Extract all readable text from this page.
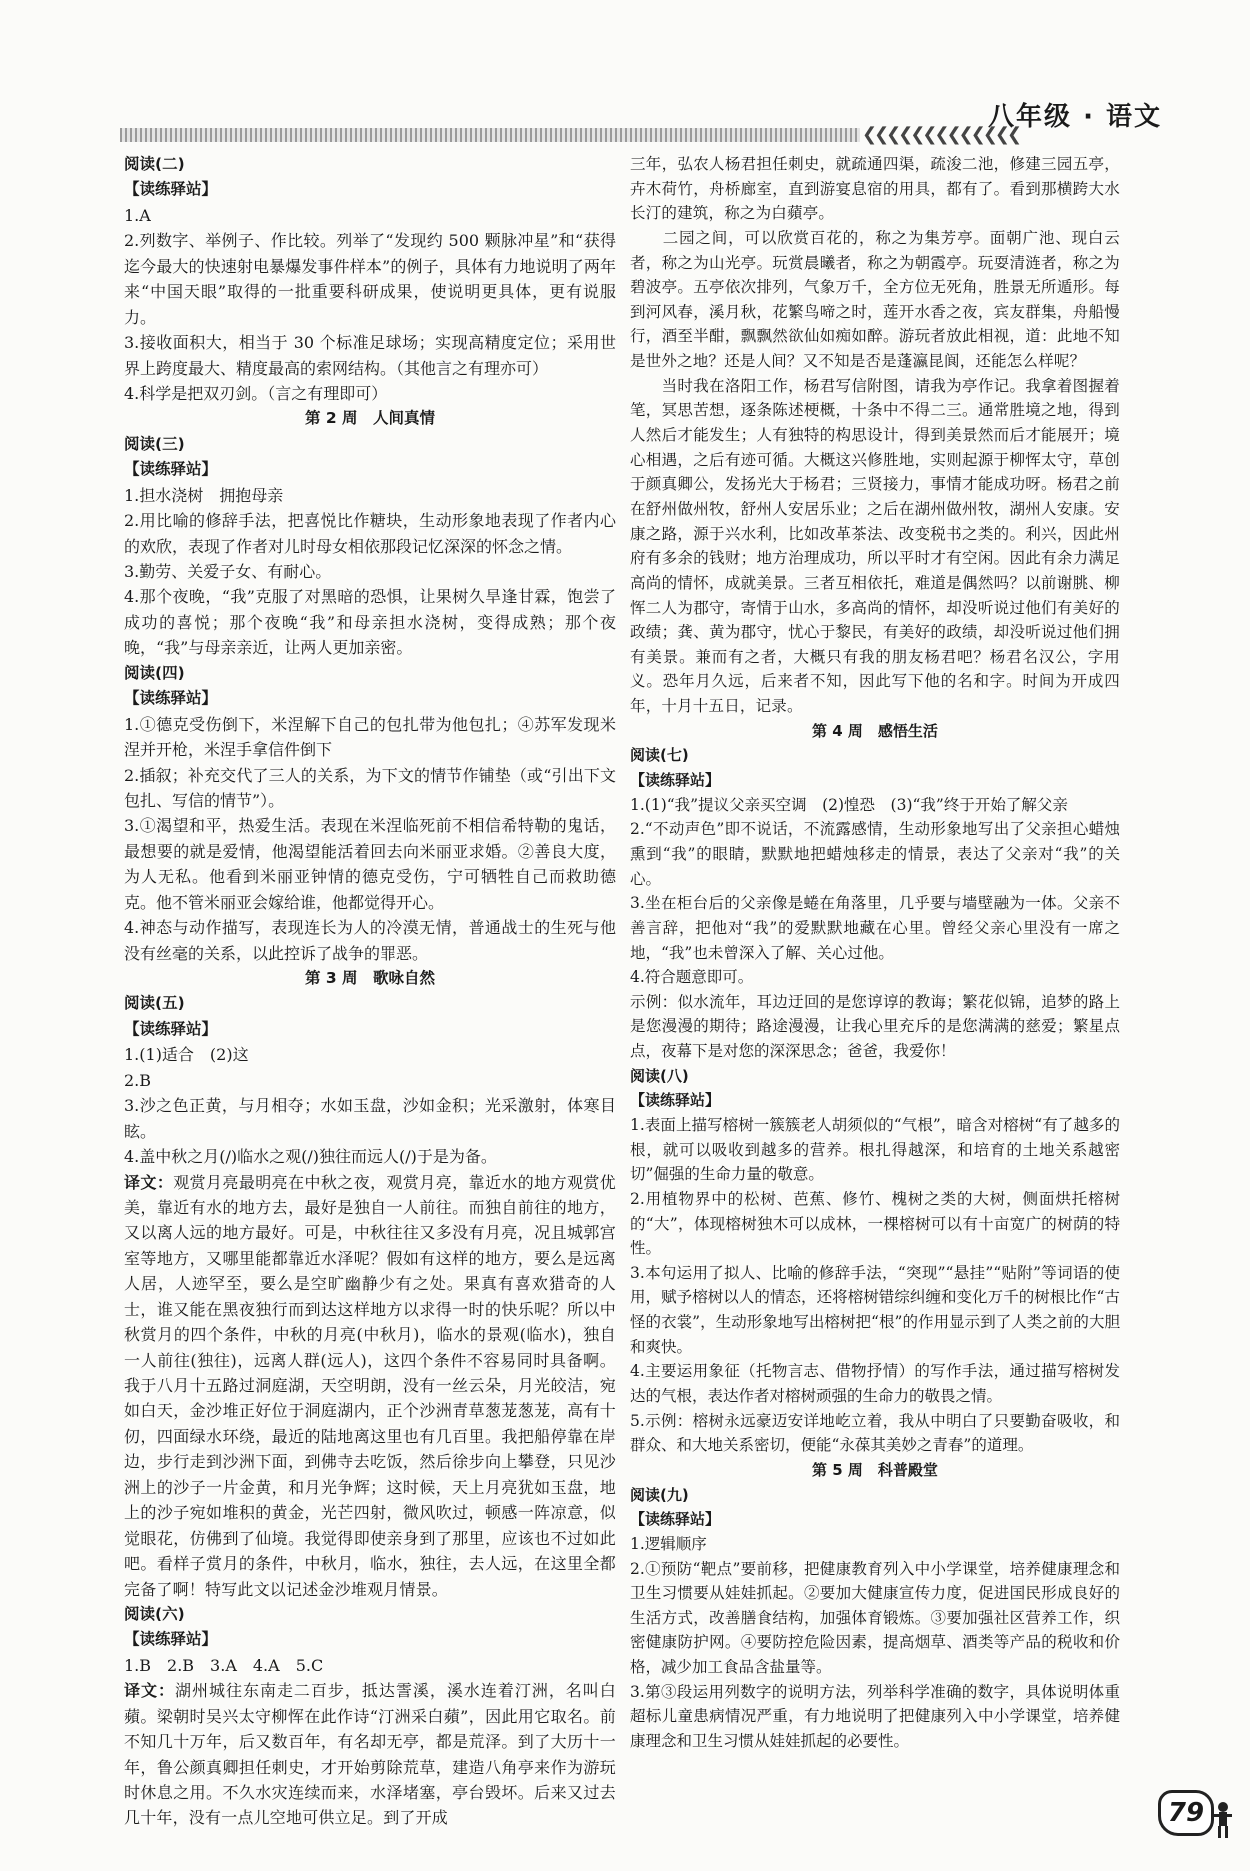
❮❮❮❮❮❮❮❮❮❮❮❮❮
八年级 · 语文
阅读(二)
【读练驿站】
1.A
2.列数字、举例子、作比较。列举了“发现约 500 颗脉冲星”和“获得迄今最大的快速射电暴爆发事件样本”的例子，具体有力地说明了两年来“中国天眼”取得的一批重要科研成果，使说明更具体，更有说服力。
3.接收面积大，相当于 30 个标准足球场；实现高精度定位；采用世界上跨度最大、精度最高的索网结构。（其他言之有理亦可）
4.科学是把双刃剑。（言之有理即可）
第 2 周　人间真情
阅读(三)
【读练驿站】
1.担水浇树　拥抱母亲
2.用比喻的修辞手法，把喜悦比作糖块，生动形象地表现了作者内心的欢欣，表现了作者对儿时母女相依那段记忆深深的怀念之情。
3.勤劳、关爱子女、有耐心。
4.那个夜晚，“我”克服了对黑暗的恐惧，让果树久旱逢甘霖，饱尝了成功的喜悦；那个夜晚“我”和母亲担水浇树，变得成熟；那个夜晚，“我”与母亲亲近，让两人更加亲密。
阅读(四)
【读练驿站】
1.①德克受伤倒下，米涅解下自己的包扎带为他包扎；④苏军发现米涅并开枪，米涅手拿信件倒下
2.插叙；补充交代了三人的关系，为下文的情节作铺垫（或“引出下文包扎、写信的情节”）。
3.①渴望和平，热爱生活。表现在米涅临死前不相信希特勒的鬼话，最想要的就是爱情，他渴望能活着回去向米丽亚求婚。②善良大度，为人无私。他看到米丽亚钟情的德克受伤，宁可牺牲自己而救助德克。他不管米丽亚会嫁给谁，他都觉得开心。
4.神态与动作描写，表现连长为人的冷漠无情，普通战士的生死与他没有丝毫的关系，以此控诉了战争的罪恶。
第 3 周　歌咏自然
阅读(五)
【读练驿站】
1.(1)适合　(2)这
2.B
3.沙之色正黄，与月相夺；水如玉盘，沙如金积；光采激射，体寒目眩。
4.盖中秋之月(/)临水之观(/)独往而远人(/)于是为备。
译文：观赏月亮最明亮在中秋之夜，观赏月亮，靠近水的地方观赏优美，靠近有水的地方去，最好是独自一人前往。而独自前往的地方，又以离人远的地方最好。可是，中秋往往又多没有月亮，况且城郭宫室等地方，又哪里能都靠近水泽呢？假如有这样的地方，要么是远离人居，人迹罕至，要么是空旷幽静少有之处。果真有喜欢猎奇的人士，谁又能在黑夜独行而到达这样地方以求得一时的快乐呢？所以中秋赏月的四个条件，中秋的月亮(中秋月)，临水的景观(临水)，独自一人前往(独往)，远离人群(远人)，这四个条件不容易同时具备啊。我于八月十五路过洞庭湖，天空明朗，没有一丝云朵，月光皎洁，宛如白天，金沙堆正好位于洞庭湖内，正个沙洲青草葱茏葱茏，高有十仞，四面绿水环绕，最近的陆地离这里也有几百里。我把船停靠在岸边，步行走到沙洲下面，到佛寺去吃饭，然后徐步向上攀登，只见沙洲上的沙子一片金黄，和月光争辉；这时候，天上月亮犹如玉盘，地上的沙子宛如堆积的黄金，光芒四射，微风吹过，顿感一阵凉意，似觉眼花，仿佛到了仙境。我觉得即使亲身到了那里，应该也不过如此吧。看样子赏月的条件，中秋月，临水，独往，去人远，在这里全都完备了啊！特写此文以记述金沙堆观月情景。
阅读(六)
【读练驿站】
1.B　2.B　3.A　4.A　5.C
译文：湖州城往东南走二百步，抵达霅溪，溪水连着汀洲，名叫白蘋。梁朝时吴兴太守柳恽在此作诗“汀洲采白蘋”，因此用它取名。前不知几十万年，后又数百年，有名却无亭，都是荒泽。到了大历十一年，鲁公颜真卿担任刺史，才开始剪除荒草，建造八角亭来作为游玩时休息之用。不久水灾连续而来，水泽堵塞，亭台毁坏。后来又过去几十年，没有一点儿空地可供立足。到了开成
三年，弘农人杨君担任刺史，就疏通四渠，疏浚二池，修建三园五亭，卉木荷竹，舟桥廊室，直到游宴息宿的用具，都有了。看到那横跨大水长汀的建筑，称之为白蘋亭。
　　二园之间，可以欣赏百花的，称之为集芳亭。面朝广池、现白云者，称之为山光亭。玩赏晨曦者，称之为朝霞亭。玩耍清涟者，称之为碧波亭。五亭依次排列，气象万千，全方位无死角，胜景无所遁形。每到河风春，溪月秋，花繁鸟啼之时，莲开水香之夜，宾友群集，舟船慢行，酒至半酣，飘飘然欲仙如痴如醉。游玩者放此相视，道：此地不知是世外之地？还是人间？又不知是否是蓬瀛昆阆，还能怎么样呢？
　　当时我在洛阳工作，杨君写信附图，请我为亭作记。我拿着图握着笔，冥思苦想，逐条陈述梗概，十条中不得二三。通常胜境之地，得到人然后才能发生；人有独特的构思设计，得到美景然而后才能展开；境心相遇，之后有迹可循。大概这兴修胜地，实则起源于柳恽太守，草创于颜真卿公，发扬光大于杨君；三贤接力，事情才能成功呀。杨君之前在舒州做州牧，舒州人安居乐业；之后在湖州做州牧，湖州人安康。安康之路，源于兴水利，比如改革茶法、改变税书之类的。利兴，因此州府有多余的钱财；地方治理成功，所以平时才有空闲。因此有余力满足高尚的情怀，成就美景。三者互相依托，难道是偶然吗？以前谢朓、柳恽二人为郡守，寄情于山水，多高尚的情怀，却没听说过他们有美好的政绩；龚、黄为郡守，忧心于黎民，有美好的政绩，却没听说过他们拥有美景。兼而有之者，大概只有我的朋友杨君吧？杨君名汉公，字用义。恐年月久远，后来者不知，因此写下他的名和字。时间为开成四年，十月十五日，记录。
第 4 周　感悟生活
阅读(七)
【读练驿站】
1.(1)“我”提议父亲买空调　(2)惶恐　(3)“我”终于开始了解父亲
2.“不动声色”即不说话，不流露感情，生动形象地写出了父亲担心蜡烛熏到“我”的眼睛，默默地把蜡烛移走的情景，表达了父亲对“我”的关心。
3.坐在柜台后的父亲像是蜷在角落里，几乎要与墙壁融为一体。父亲不善言辞，把他对“我”的爱默默地藏在心里。曾经父亲心里没有一席之地，“我”也未曾深入了解、关心过他。
4.符合题意即可。
示例：似水流年，耳边迂回的是您谆谆的教诲；繁花似锦，追梦的路上是您漫漫的期待；路途漫漫，让我心里充斥的是您满满的慈爱；繁星点点，夜幕下是对您的深深思念；爸爸，我爱你！
阅读(八)
【读练驿站】
1.表面上描写榕树一簇簇老人胡须似的“气根”，暗含对榕树“有了越多的根，就可以吸收到越多的营养。根扎得越深，和培育的土地关系越密切”倔强的生命力量的敬意。
2.用植物界中的松树、芭蕉、修竹、槐树之类的大树，侧面烘托榕树的“大”，体现榕树独木可以成林，一棵榕树可以有十亩宽广的树荫的特性。
3.本句运用了拟人、比喻的修辞手法，“突现”“悬挂”“贴附”等词语的使用，赋予榕树以人的情态，还将榕树错综纠缠和变化万千的树根比作“古怪的衣裳”，生动形象地写出榕树把“根”的作用显示到了人类之前的大胆和爽快。
4.主要运用象征（托物言志、借物抒情）的写作手法，通过描写榕树发达的气根，表达作者对榕树顽强的生命力的敬畏之情。
5.示例：榕树永远豪迈安详地屹立着，我从中明白了只要勤奋吸收，和群众、和大地关系密切，便能“永葆其美妙之青春”的道理。
第 5 周　科普殿堂
阅读(九)
【读练驿站】
1.逻辑顺序
2.①预防“靶点”要前移，把健康教育列入中小学课堂，培养健康理念和卫生习惯要从娃娃抓起。②要加大健康宣传力度，促进国民形成良好的生活方式，改善膳食结构，加强体育锻炼。③要加强社区营养工作，织密健康防护网。④要防控危险因素，提高烟草、酒类等产品的税收和价格，减少加工食品含盐量等。
3.第③段运用列数字的说明方法，列举科学准确的数字，具体说明体重超标儿童患病情况严重，有力地说明了把健康列入中小学课堂，培养健康理念和卫生习惯从娃娃抓起的必要性。
79
